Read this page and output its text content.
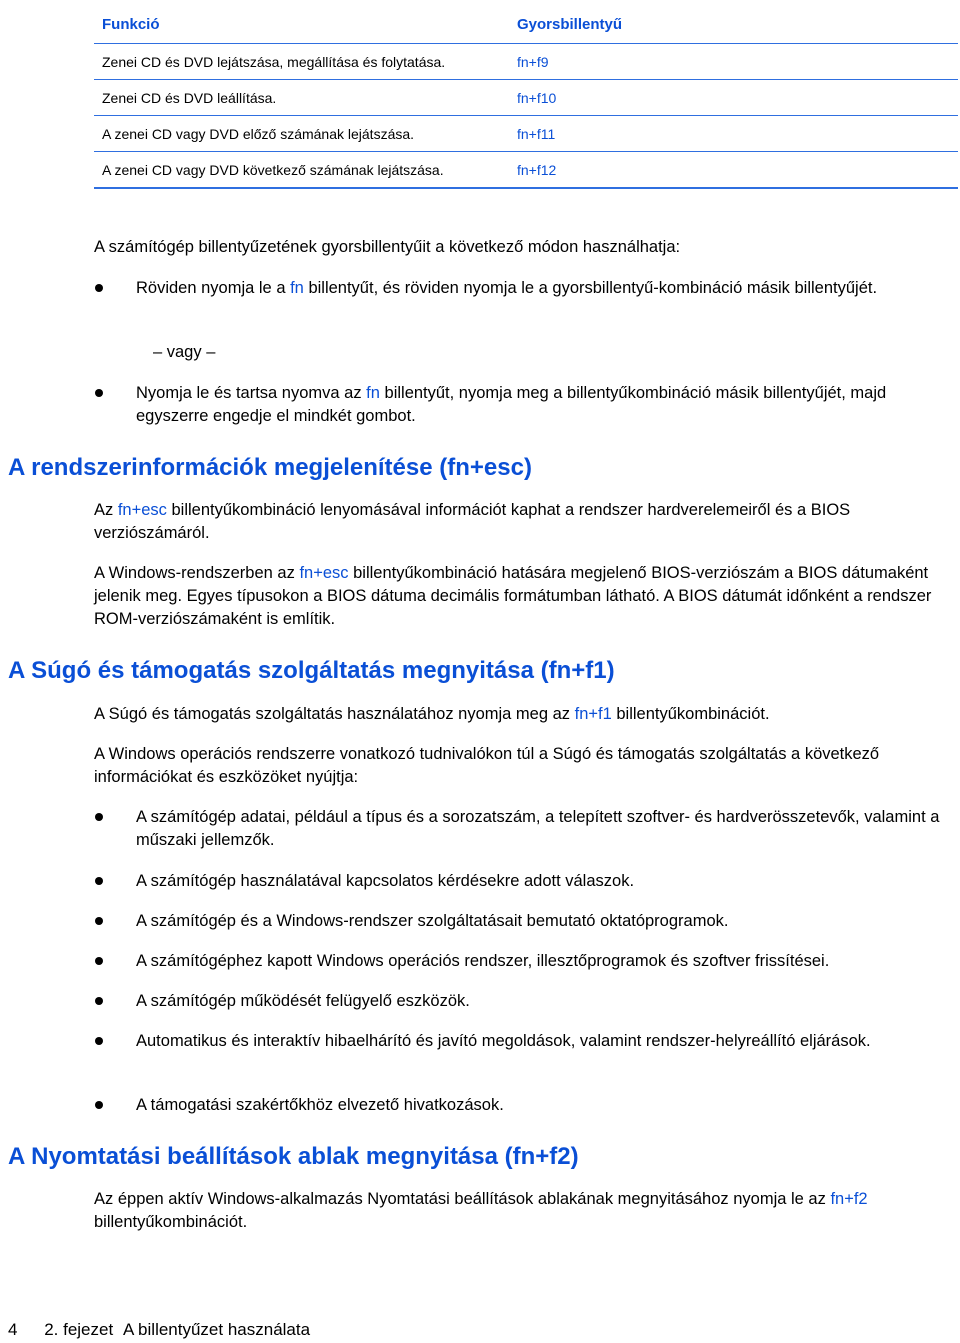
Funkció	Gyorsbillentyű
Zenei CD és DVD lejátszása, megállítása és folytatása.	fn+f9
Zenei CD és DVD leállítása.	fn+f10
A zenei CD vagy DVD előző számának lejátszása.	fn+f11
A zenei CD vagy DVD következő számának lejátszása.	fn+f12
A számítógép billentyűzetének gyorsbillentyűit a következő módon használhatja:
Röviden nyomja le a fn billentyűt, és röviden nyomja le a gyorsbillentyű-kombináció másik billentyűjét.
– vagy –
Nyomja le és tartsa nyomva az fn billentyűt, nyomja meg a billentyűkombináció másik billentyűjét, majd egyszerre engedje el mindkét gombot.
A rendszerinformációk megjelenítése (fn+esc)
Az fn+esc billentyűkombináció lenyomásával információt kaphat a rendszer hardverelemeiről és a BIOS verziószámáról.
A Windows-rendszerben az fn+esc billentyűkombináció hatására megjelenő BIOS-verziószám a BIOS dátumaként jelenik meg. Egyes típusokon a BIOS dátuma decimális formátumban látható. A BIOS dátumát időnként a rendszer ROM-verziószámaként is említik.
A Súgó és támogatás szolgáltatás megnyitása (fn+f1)
A Súgó és támogatás szolgáltatás használatához nyomja meg az fn+f1 billentyűkombinációt.
A Windows operációs rendszerre vonatkozó tudnivalókon túl a Súgó és támogatás szolgáltatás a következő információkat és eszközöket nyújtja:
A számítógép adatai, például a típus és a sorozatszám, a telepített szoftver- és hardverösszetevők, valamint a műszaki jellemzők.
A számítógép használatával kapcsolatos kérdésekre adott válaszok.
A számítógép és a Windows-rendszer szolgáltatásait bemutató oktatóprogramok.
A számítógéphez kapott Windows operációs rendszer, illesztőprogramok és szoftver frissítései.
A számítógép működését felügyelő eszközök.
Automatikus és interaktív hibaelhárító és javító megoldások, valamint rendszer-helyreállító eljárások.
A támogatási szakértőkhöz elvezető hivatkozások.
A Nyomtatási beállítások ablak megnyitása (fn+f2)
Az éppen aktív Windows-alkalmazás Nyomtatási beállítások ablakának megnyitásához nyomja le az fn+f2 billentyűkombinációt.
4 2. fejezet A billentyűzet használata
